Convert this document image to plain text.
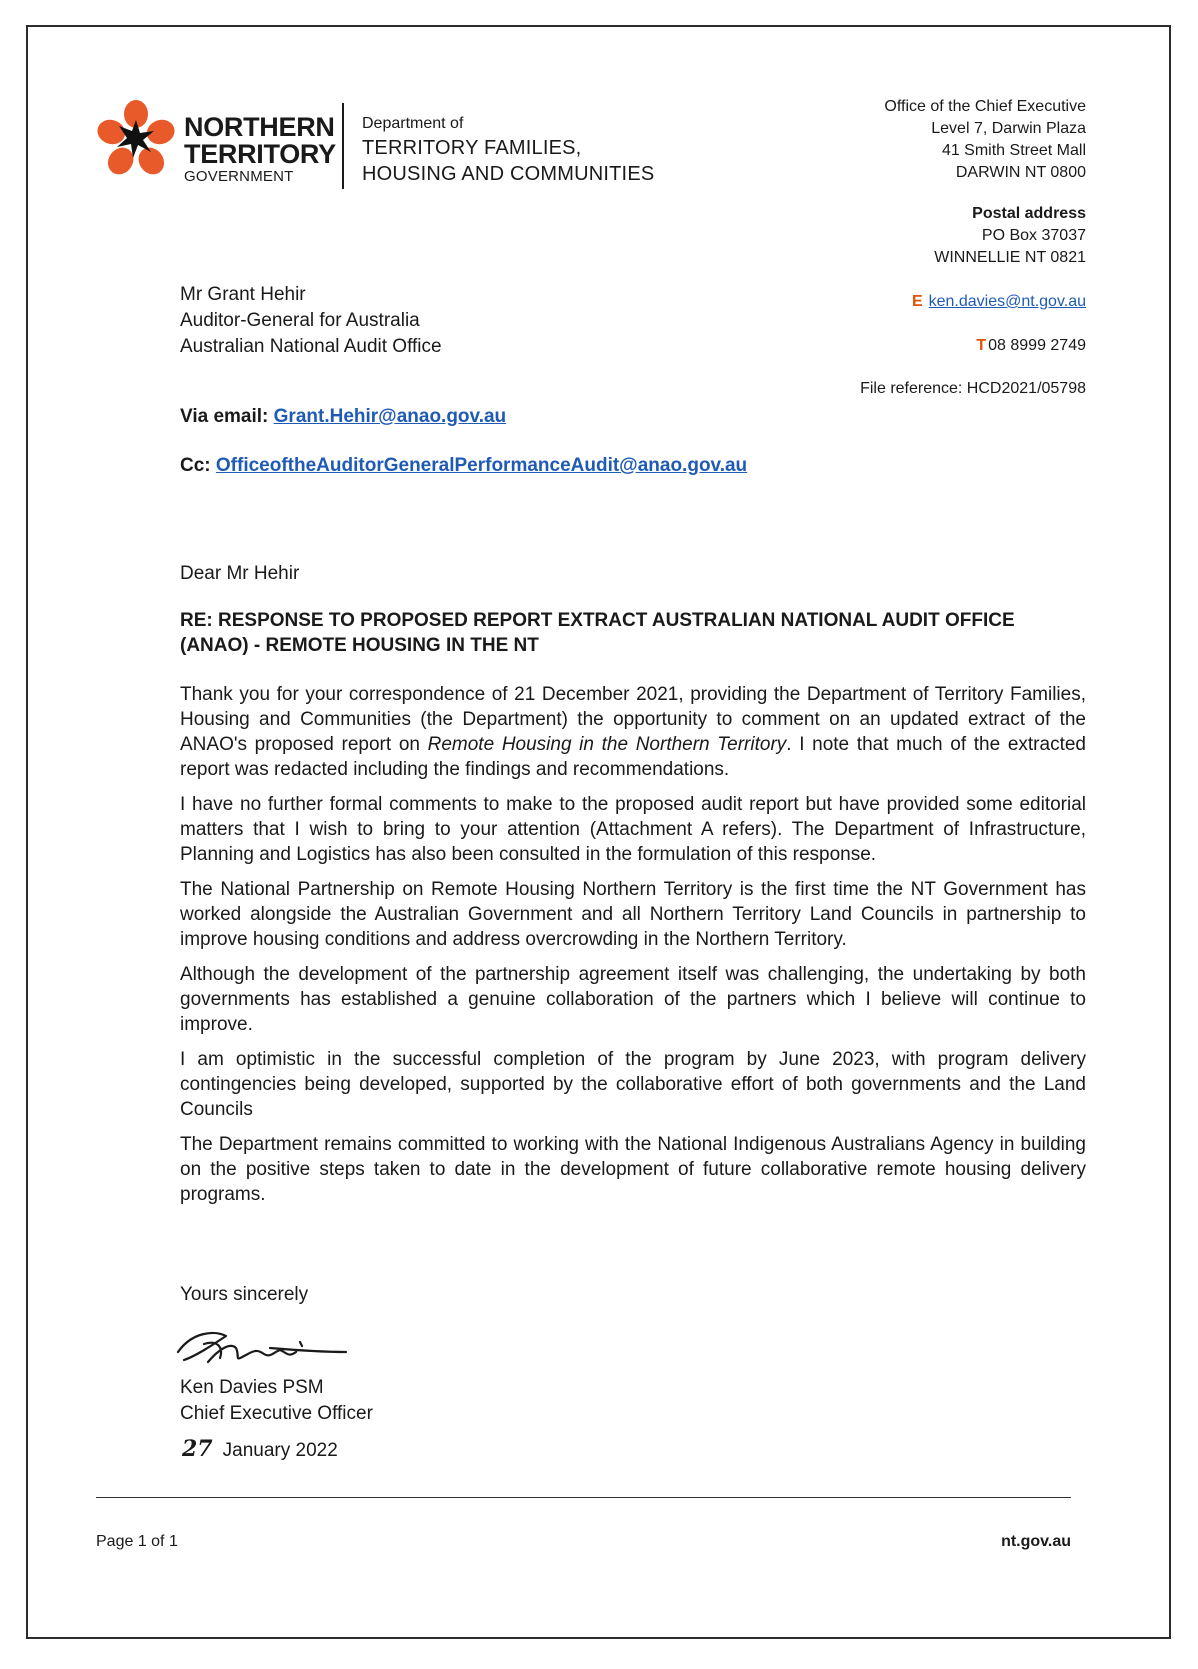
NORTHERN
TERRITORY
GOVERNMENT
Department of
TERRITORY FAMILIES,
HOUSING AND COMMUNITIES
Office of the Chief Executive
Level 7, Darwin Plaza
41 Smith Street Mall
DARWIN NT 0800
Postal address
PO Box 37037
WINNELLIE NT 0821
E ken.davies@nt.gov.au
T 08 8999 2749
File reference: HCD2021/05798
Mr Grant Hehir
Auditor-General for Australia
Australian National Audit Office
Via email: Grant.Hehir@anao.gov.au
Cc: OfficeoftheAuditorGeneralPerformanceAudit@anao.gov.au
Dear Mr Hehir
RE: RESPONSE TO PROPOSED REPORT EXTRACT AUSTRALIAN NATIONAL AUDIT OFFICE (ANAO) - REMOTE HOUSING IN THE NT

Thank you for your correspondence of 21 December 2021, providing the Department of Territory Families, Housing and Communities (the Department) the opportunity to comment on an updated extract of the ANAO's proposed report on Remote Housing in the Northern Territory. I note that much of the extracted report was redacted including the findings and recommendations.

I have no further formal comments to make to the proposed audit report but have provided some editorial matters that I wish to bring to your attention (Attachment A refers). The Department of Infrastructure, Planning and Logistics has also been consulted in the formulation of this response.

The National Partnership on Remote Housing Northern Territory is the first time the NT Government has worked alongside the Australian Government and all Northern Territory Land Councils in partnership to improve housing conditions and address overcrowding in the Northern Territory.

Although the development of the partnership agreement itself was challenging, the undertaking by both governments has established a genuine collaboration of the partners which I believe will continue to improve.

I am optimistic in the successful completion of the program by June 2023, with program delivery contingencies being developed, supported by the collaborative effort of both governments and the Land Councils

The Department remains committed to working with the National Indigenous Australians Agency in building on the positive steps taken to date in the development of future collaborative remote housing delivery programs.

Yours sincerely
Ken Davies PSM
Chief Executive Officer
27 January 2022
Page 1 of 1	nt.gov.au
